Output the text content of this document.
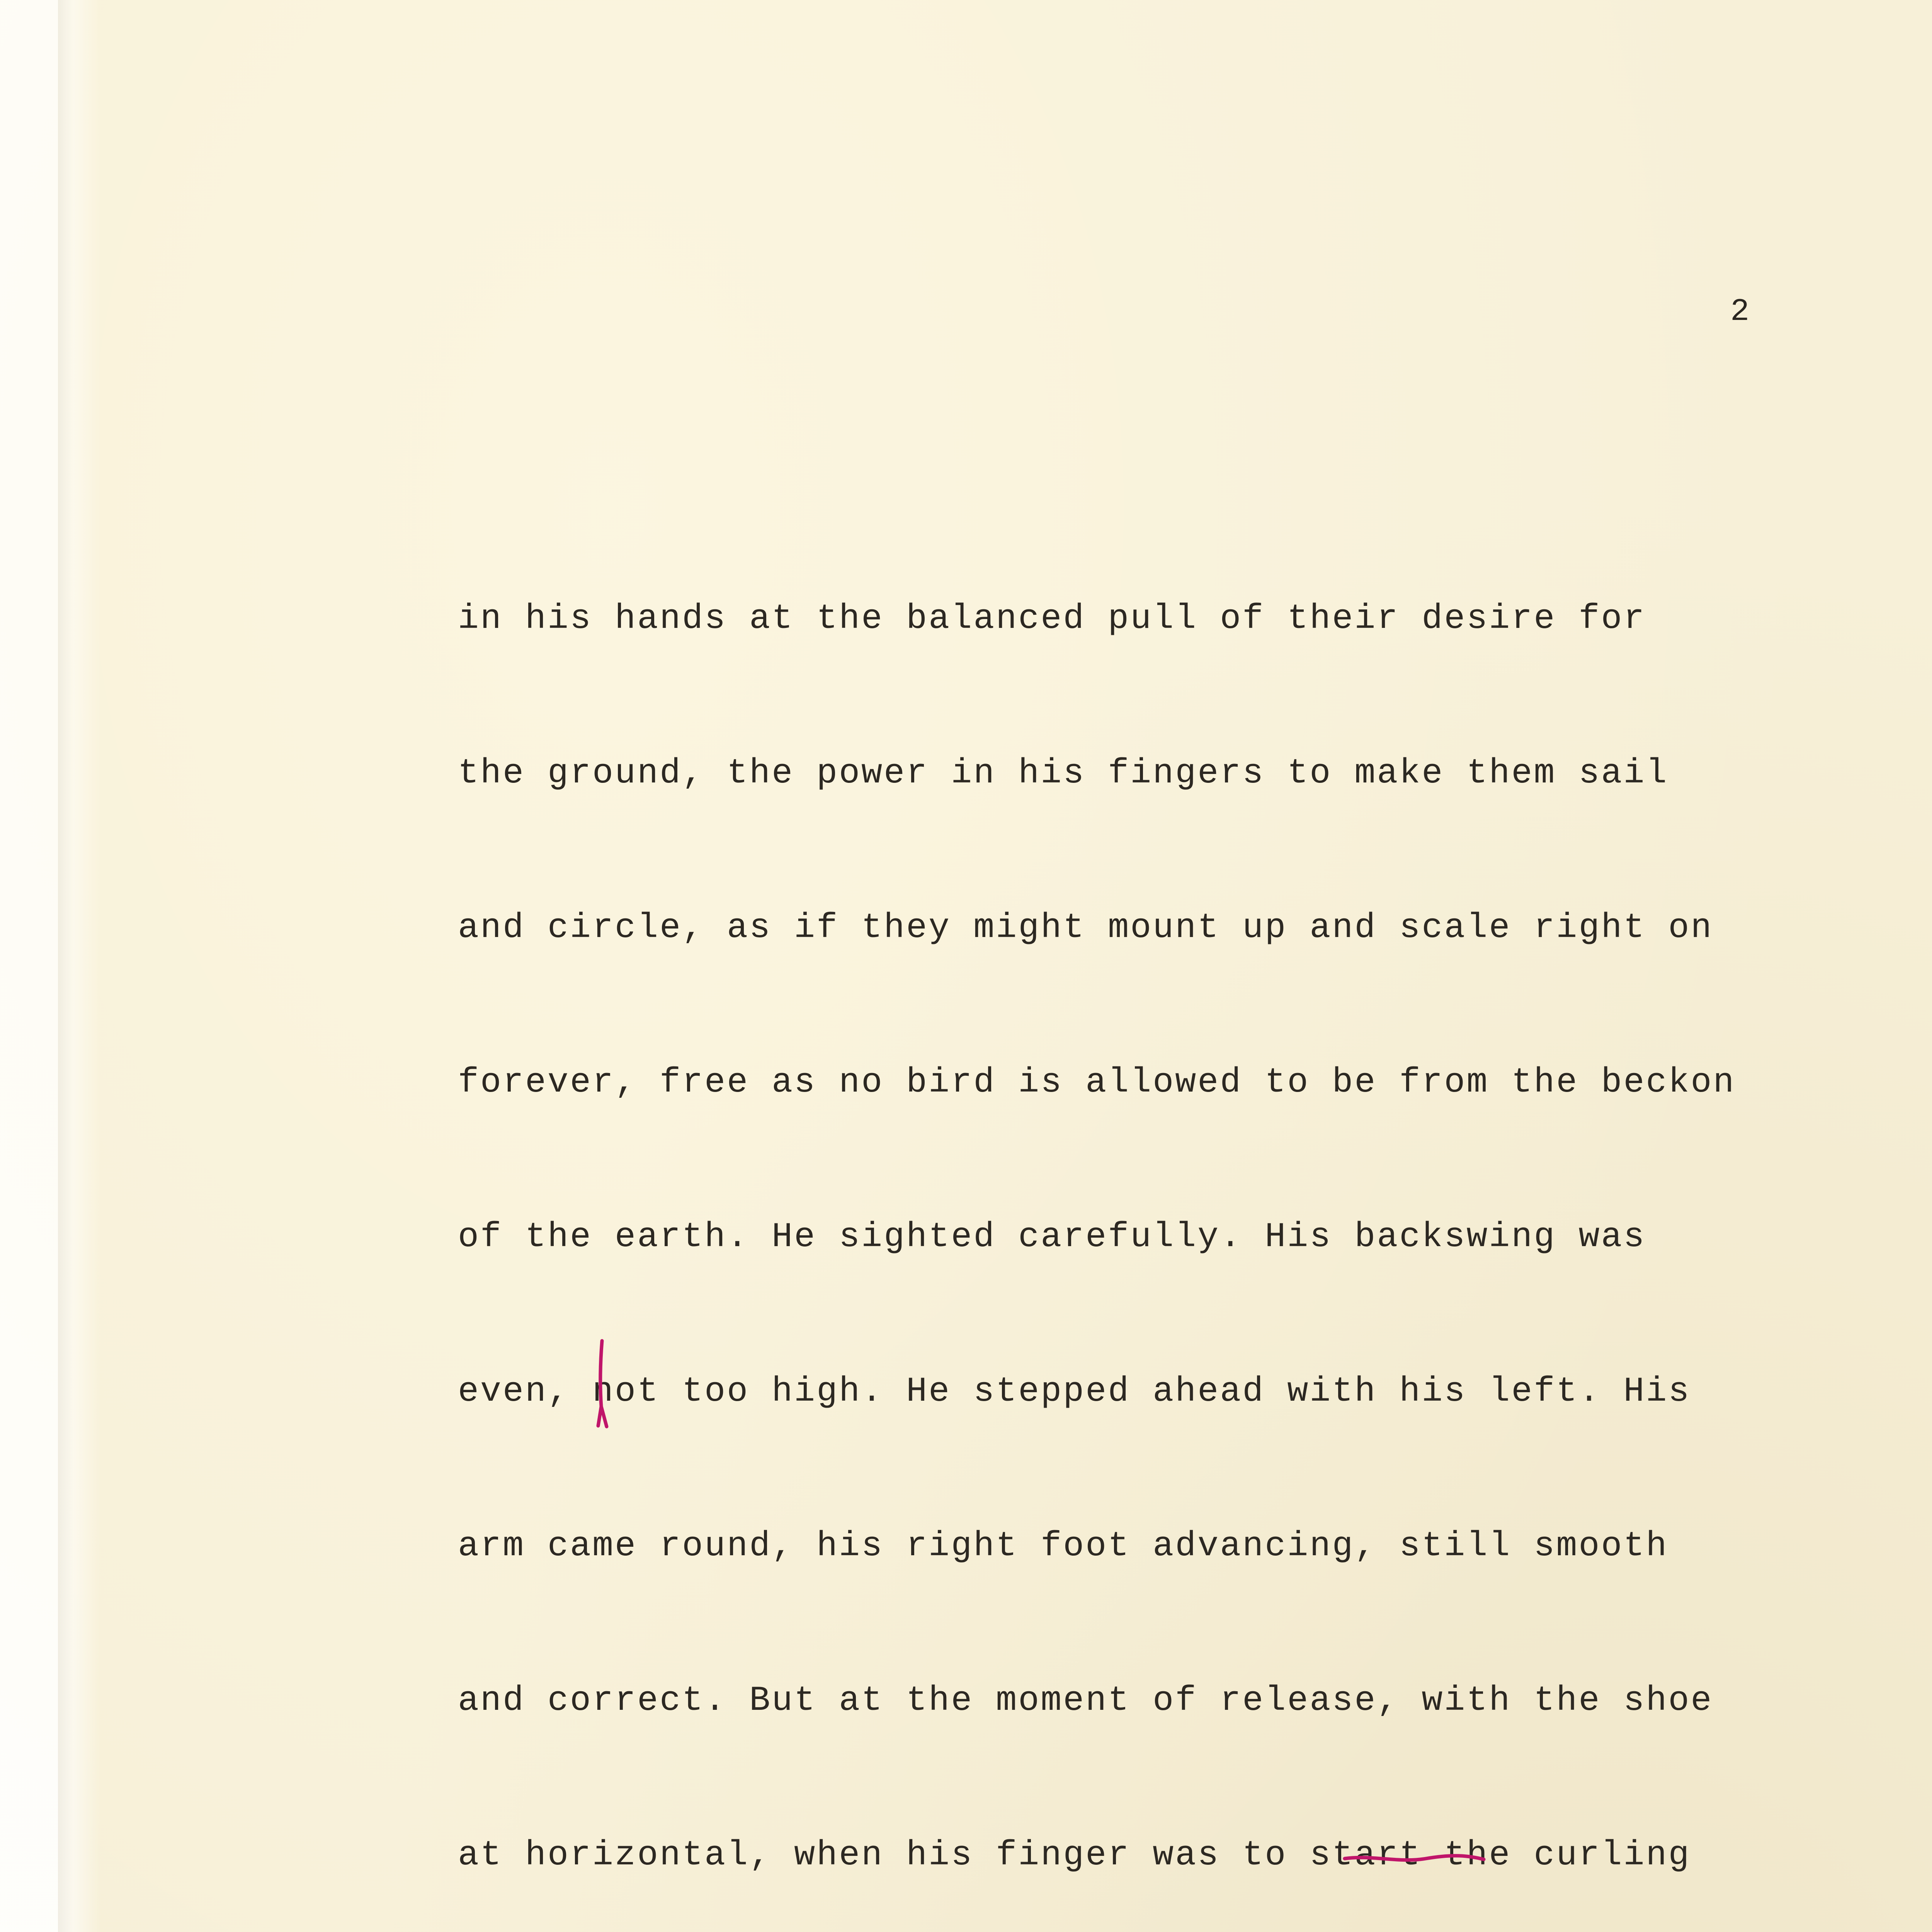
2

in his hands at the balanced pull of their desire for

the ground, the power in his fingers to make them sail

and circle, as if they might mount up and scale right on

forever, free as no bird is allowed to be from the beckon

of the earth. He sighted carefully. His backswing was

even, not too high. He stepped ahead with his left. His

arm came round, his right foot advancing, still smooth

and correct. But at the moment of release, with the shoe

at horizontal, when his finger was to start the curling
